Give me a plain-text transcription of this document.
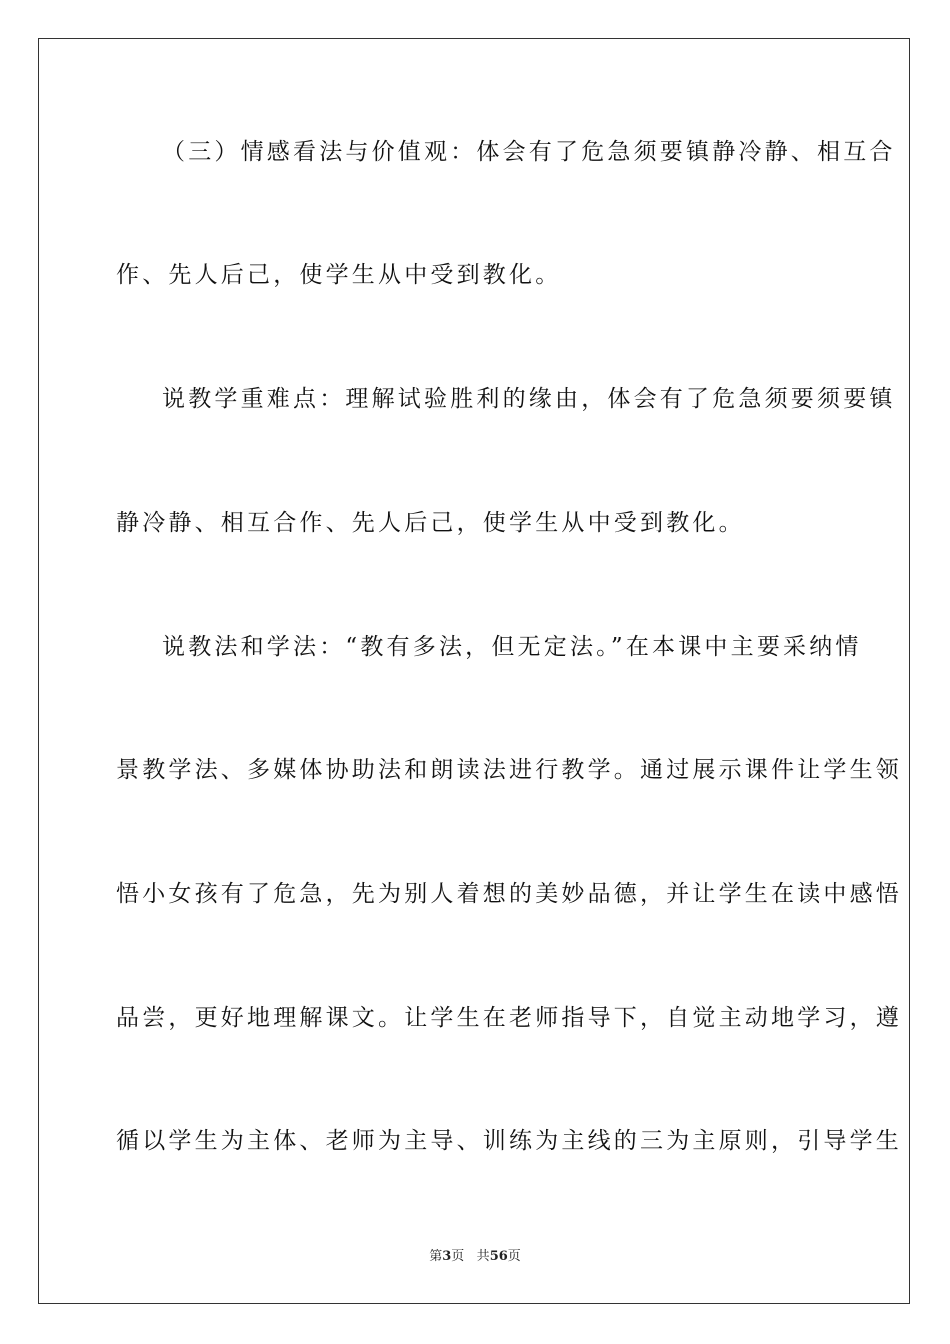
（三）情感看法与价值观：体会有了危急须要镇静冷静、相互合
作、先人后己，使学生从中受到教化。
说教学重难点：理解试验胜利的缘由，体会有了危急须要须要镇
静冷静、相互合作、先人后己，使学生从中受到教化。
说教法和学法：“教有多法，但无定法。”在本课中主要采纳情
景教学法、多媒体协助法和朗读法进行教学。通过展示课件让学生领
悟小女孩有了危急，先为别人着想的美妙品德，并让学生在读中感悟
品尝，更好地理解课文。让学生在老师指导下，自觉主动地学习，遵
循以学生为主体、老师为主导、训练为主线的三为主原则，引导学生
第3页 共56页
